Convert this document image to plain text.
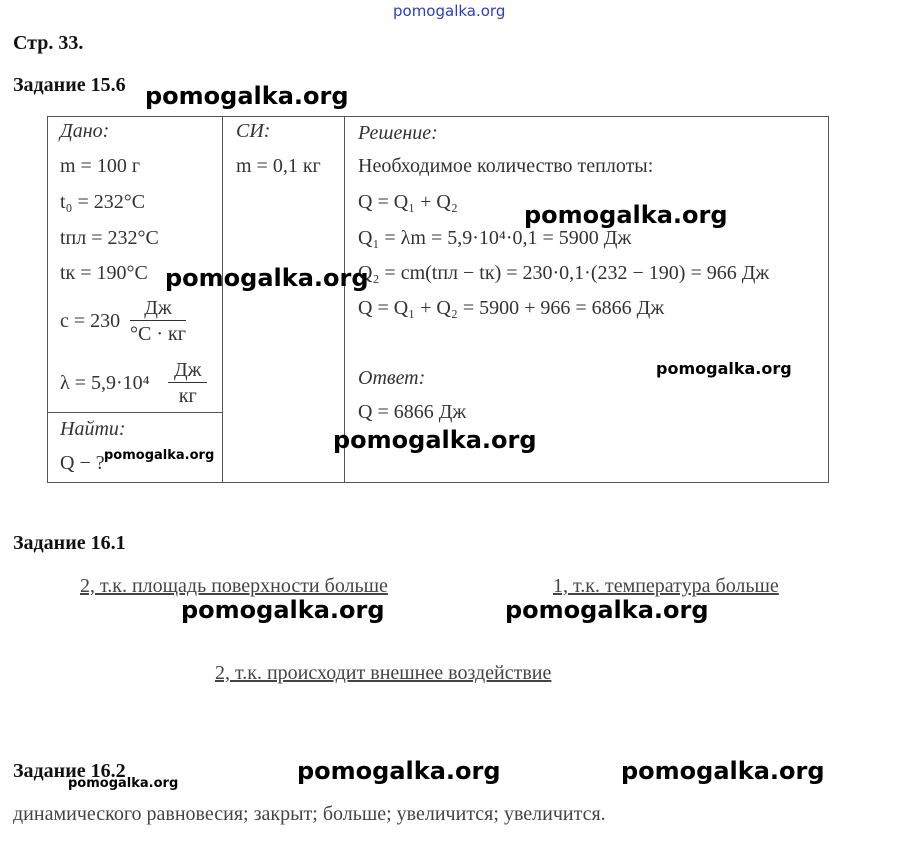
pomogalka.org
Стр. 33.
Задание 15.6 pomogalka.org
Дано:
m = 100 г
t₀ = 232°C
tпл = 232°C
tк = 190°C
c = 230
Дж
°C · кг
λ = 5,9·10⁴
Дж
кг
Найти:
Q − ? pomogalka.org
СИ:
m = 0,1 кг
Решение:
Необходимое количество теплоты:
Q = Q₁ + Q₂
Q₁ = λm = 5,9·10⁴·0,1 = 5900 Дж
Q₂ = cm(tпл − tк) = 230·0,1·(232 − 190) = 966 Дж
Q = Q₁ + Q₂ = 5900 + 966 = 6866 Дж
Ответ:
Q = 6866 Дж
pomogalka.org
pomogalka.org
pomogalka.org
pomogalka.org
Задание 16.1
2, т.к. площадь поверхности больше	1, т.к. температура больше
pomogalka.org	pomogalka.org
2, т.к. происходит внешнее воздействие
Задание 16.2
pomogalka.org	pomogalka.org	pomogalka.org
динамического равновесия; закрыт; больше; увеличится; увеличится.
